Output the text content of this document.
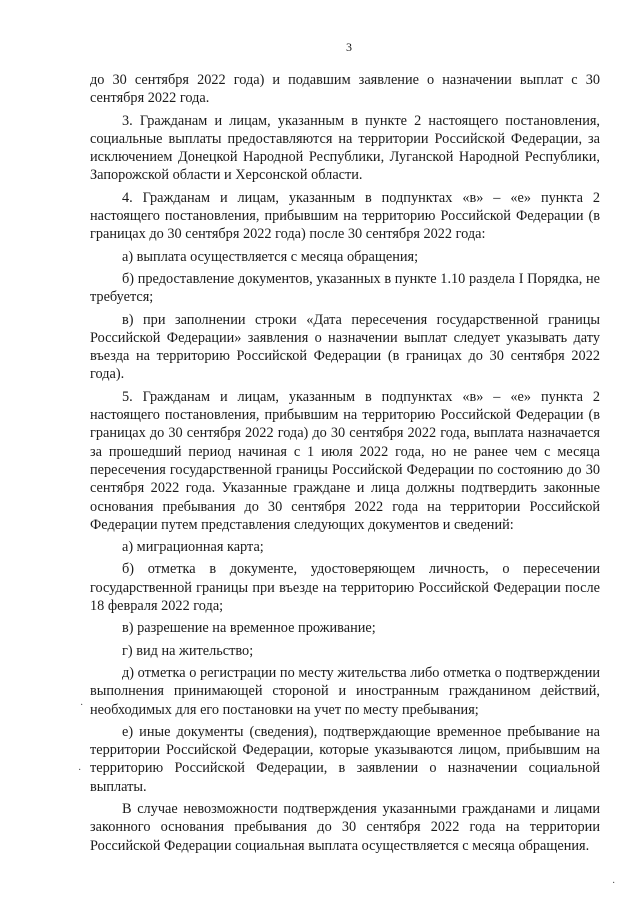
3

до 30 сентября 2022 года) и подавшим заявление о назначении выплат с 30 сентября 2022 года.

3. Гражданам и лицам, указанным в пункте 2 настоящего постановления, социальные выплаты предоставляются на территории Российской Федерации, за исключением Донецкой Народной Республики, Луганской Народной Республики, Запорожской области и Херсонской области.

4. Гражданам и лицам, указанным в подпунктах «в» – «е» пункта 2 настоящего постановления, прибывшим на территорию Российской Федерации (в границах до 30 сентября 2022 года) после 30 сентября 2022 года:

а) выплата осуществляется с месяца обращения;

б) предоставление документов, указанных в пункте 1.10 раздела I Порядка, не требуется;

в) при заполнении строки «Дата пересечения государственной границы Российской Федерации» заявления о назначении выплат следует указывать дату въезда на территорию Российской Федерации (в границах до 30 сентября 2022 года).

5. Гражданам и лицам, указанным в подпунктах «в» – «е» пункта 2 настоящего постановления, прибывшим на территорию Российской Федерации (в границах до 30 сентября 2022 года) до 30 сентября 2022 года, выплата назначается за прошедший период начиная с 1 июля 2022 года, но не ранее чем с месяца пересечения государственной границы Российской Федерации по состоянию до 30 сентября 2022 года. Указанные граждане и лица должны подтвердить законные основания пребывания до 30 сентября 2022 года на территории Российской Федерации путем представления следующих документов и сведений:

а) миграционная карта;

б) отметка в документе, удостоверяющем личность, о пересечении государственной границы при въезде на территорию Российской Федерации после 18 февраля 2022 года;

в) разрешение на временное проживание;

г) вид на жительство;

д) отметка о регистрации по месту жительства либо отметка о подтверждении выполнения принимающей стороной и иностранным гражданином действий, необходимых для его постановки на учет по месту пребывания;

е) иные документы (сведения), подтверждающие временное пребывание на территории Российской Федерации, которые указываются лицом, прибывшим на территорию Российской Федерации, в заявлении о назначении социальной выплаты.

В случае невозможности подтверждения указанными гражданами и лицами законного основания пребывания до 30 сентября 2022 года на территории Российской Федерации социальная выплата осуществляется с месяца обращения.

·
·
·
